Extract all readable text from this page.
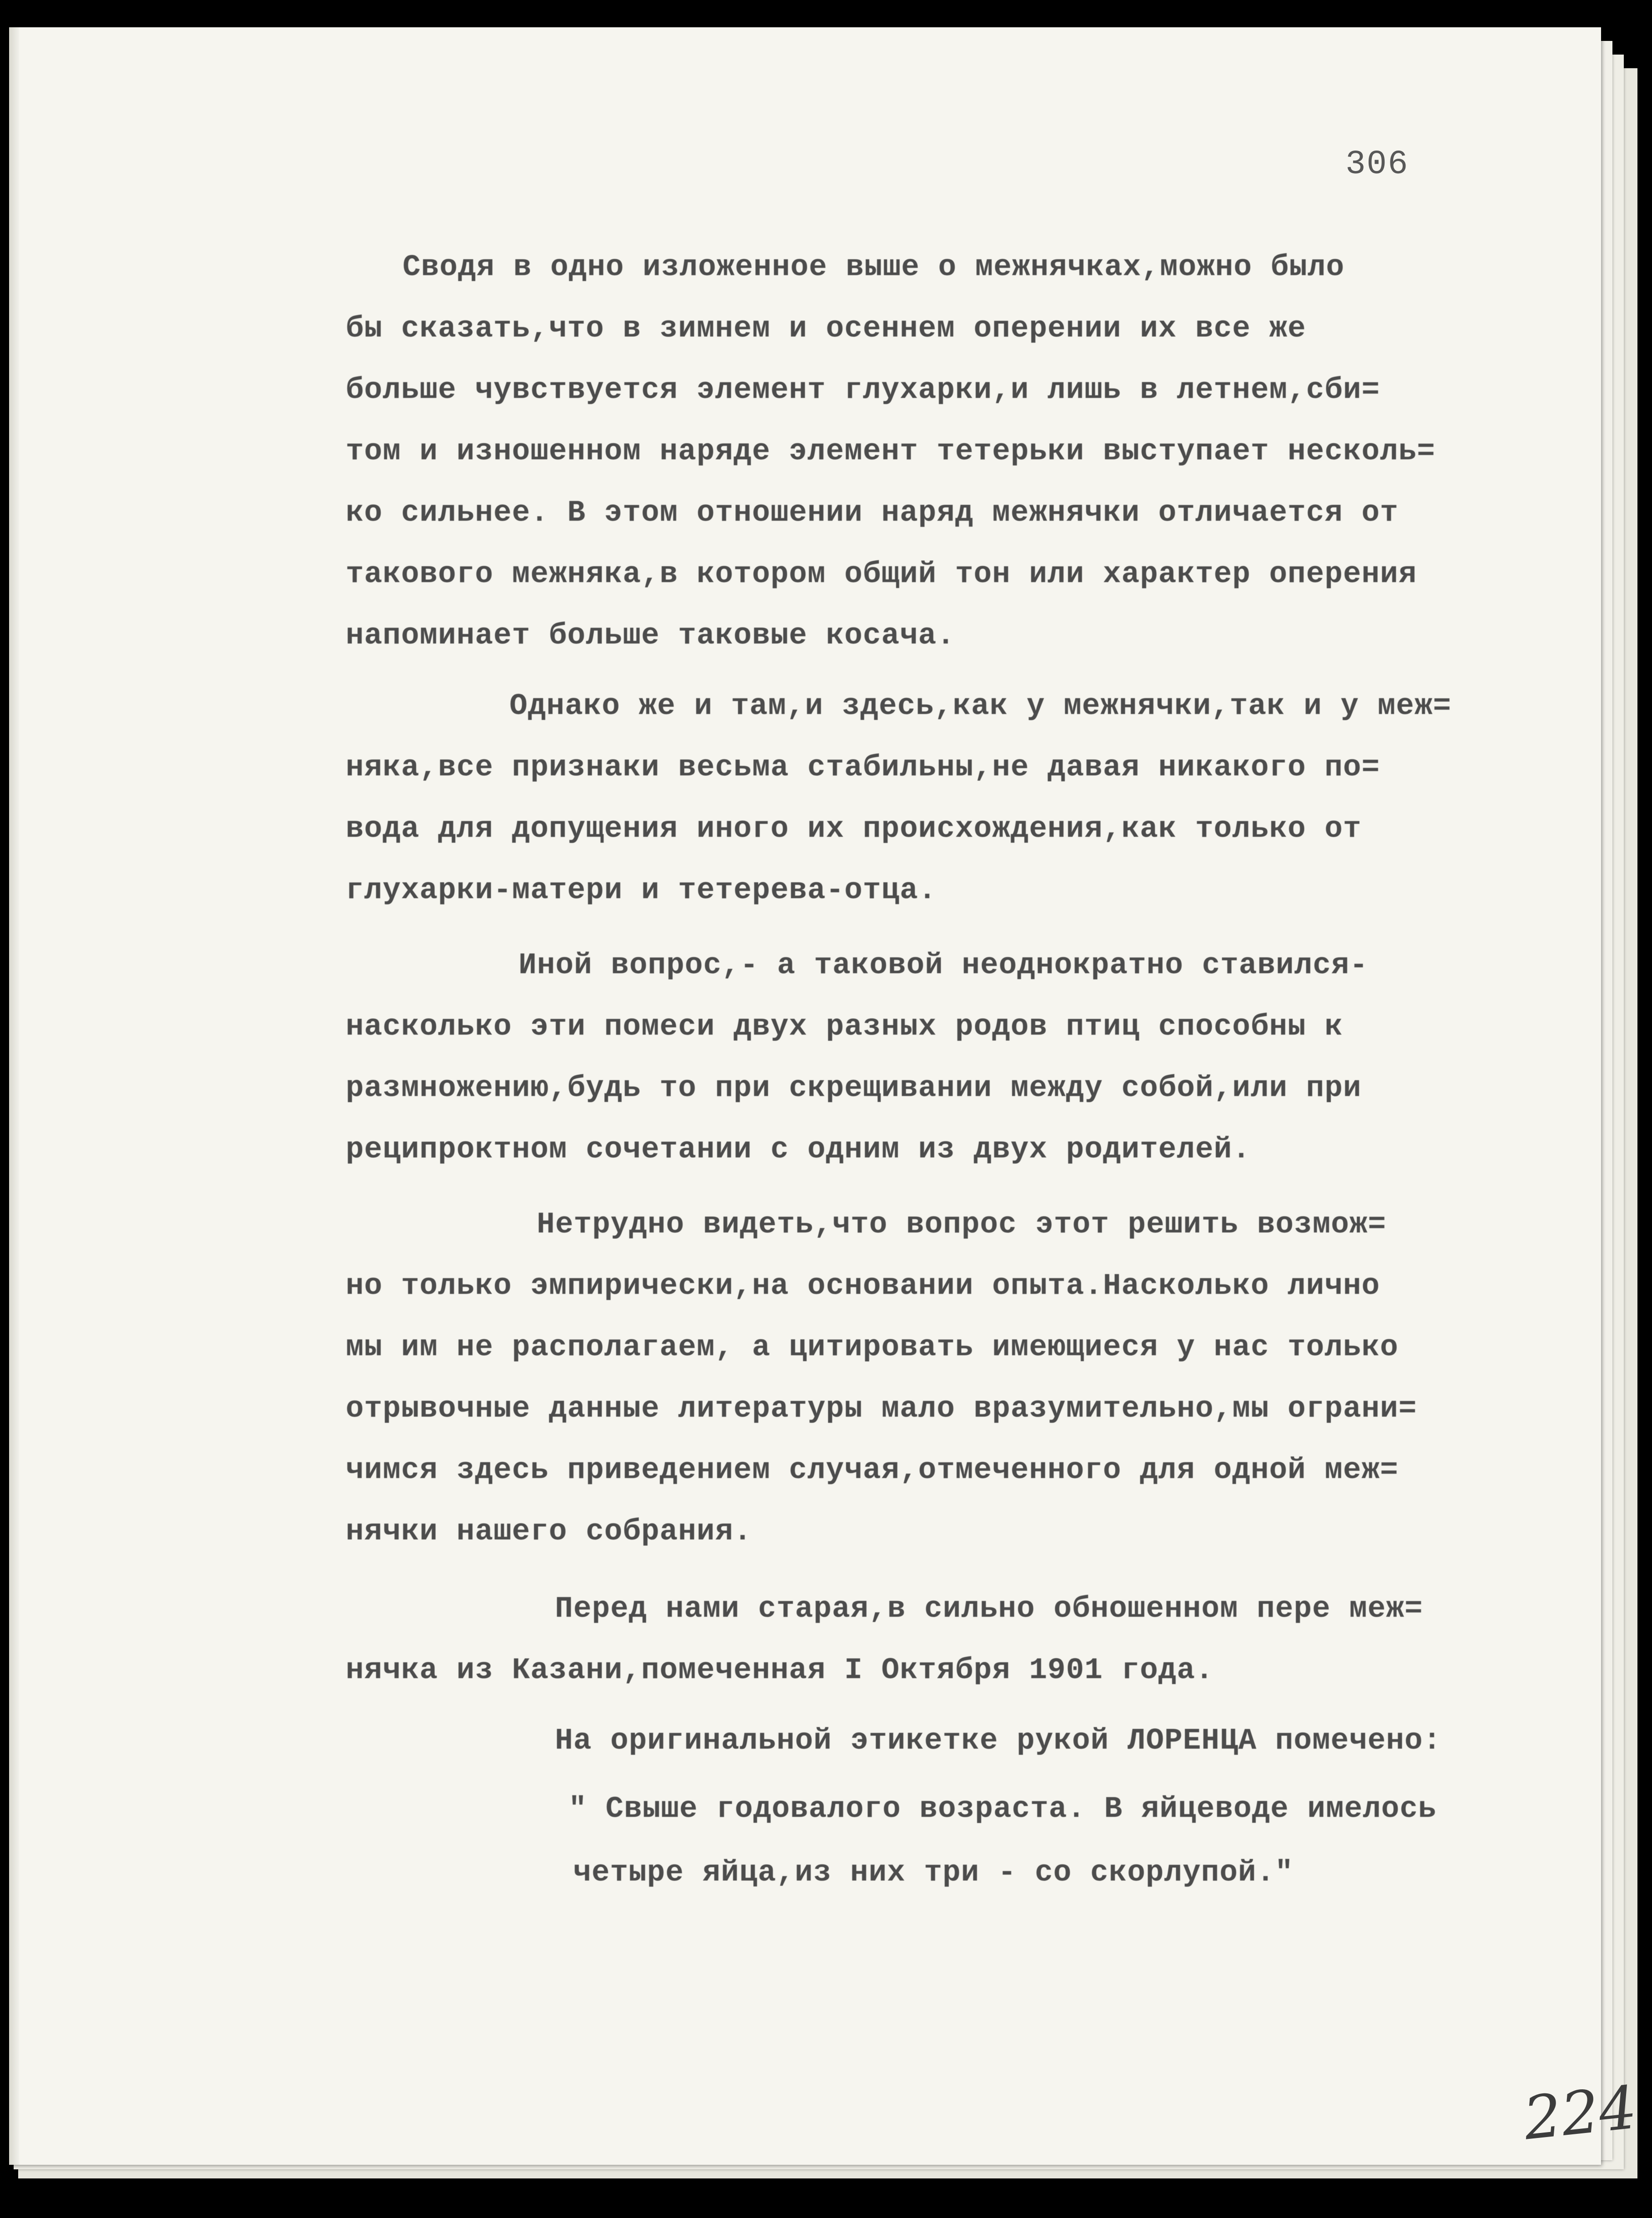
306

Сводя в одно изложенное выше о межнячках,можно было

бы сказать,что в зимнем и осеннем оперении их все же

больше чувствуется элемент глухарки,и лишь в летнем,сби=

том и изношенном наряде элемент тетерьки выступает несколь=

ко сильнее. В этом отношении наряд межнячки отличается от

такового межняка,в котором общий тон или характер оперения

напоминает больше таковые косача.

Однако же и там,и здесь,как у межнячки,так и у меж=

няка,все признаки весьма стабильны,не давая никакого по=

вода для допущения иного их происхождения,как только от

глухарки-матери и тетерева-отца.

Иной вопрос,- а таковой неоднократно ставился-

насколько эти помеси двух разных родов птиц способны к

размножению,будь то при скрещивании между собой,или при

реципроктном сочетании с одним из двух родителей.

Нетрудно видеть,что вопрос этот решить возмож=

но только эмпирически,на основании опыта.Насколько лично

мы им не располагаем, а цитировать имеющиеся у нас только

отрывочные данные литературы мало вразумительно,мы ограни=

чимся здесь приведением случая,отмеченного для одной меж=

нячки нашего собрания.

Перед нами старая,в сильно обношенном пере меж=

нячка из Казани,помеченная I Октября 1901 года.

На оригинальной этикетке рукой ЛОРЕНЦА помечено:

" Свыше годовалого возраста. В яйцеводе имелось

четыре яйца,из них три - со скорлупой."

224
